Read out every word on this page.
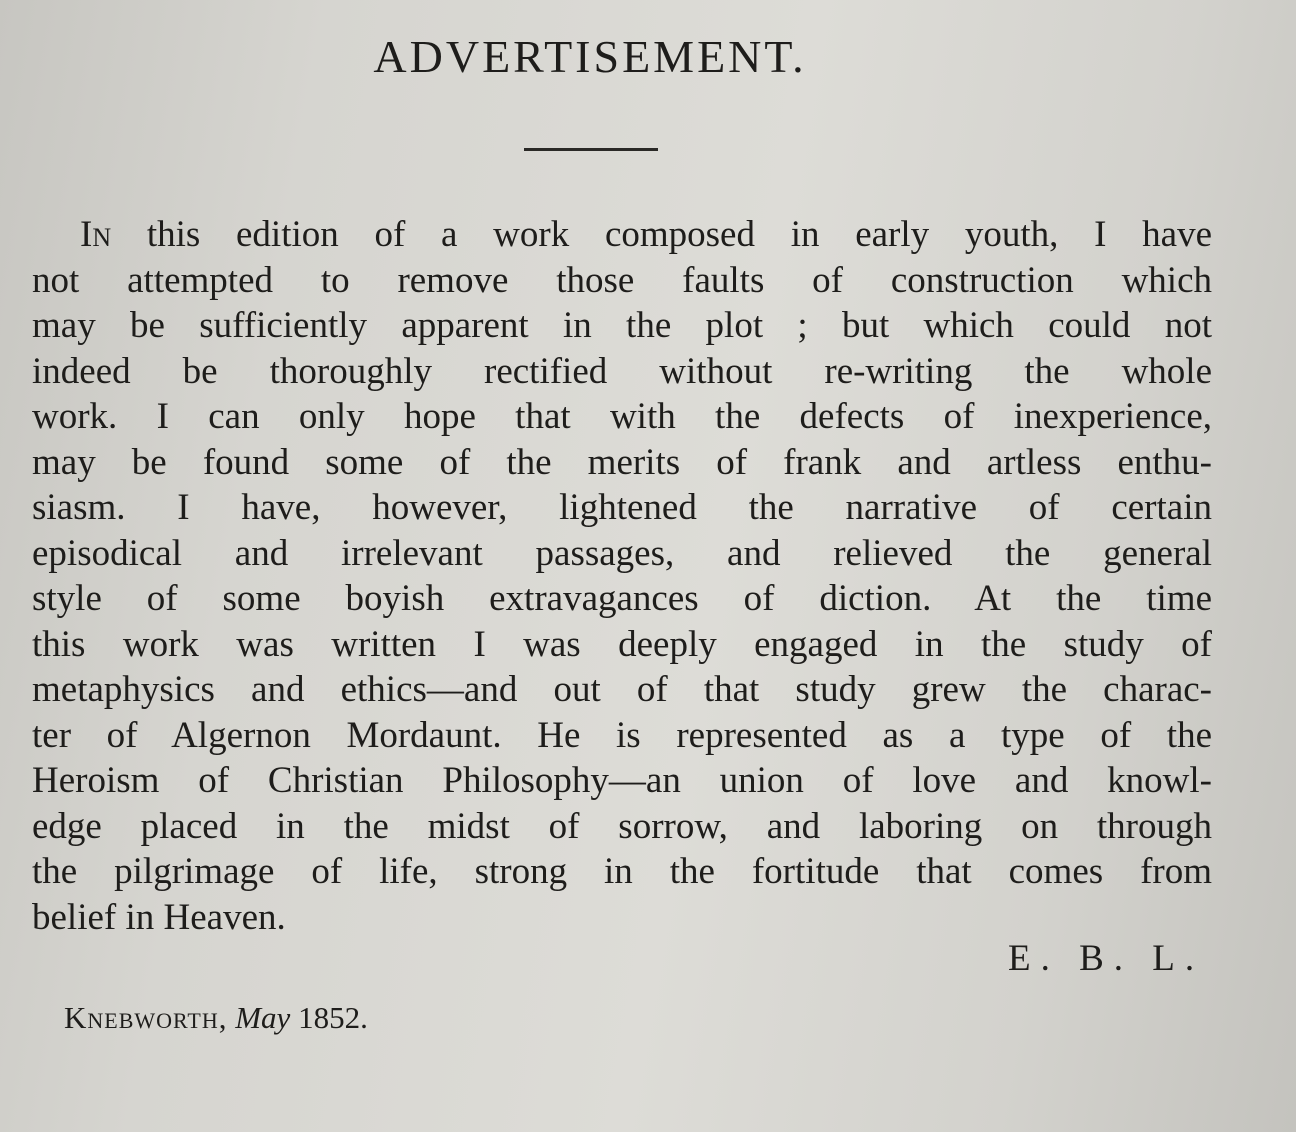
ADVERTISEMENT.
In this edition of a work composed in early youth, I have
not attempted to remove those faults of construction which
may be sufficiently apparent in the plot ; but which could not
indeed be thoroughly rectified without re-writing the whole
work. I can only hope that with the defects of inexperience,
may be found some of the merits of frank and artless enthu-
siasm. I have, however, lightened the narrative of certain
episodical and irrelevant passages, and relieved the general
style of some boyish extravagances of diction. At the time
this work was written I was deeply engaged in the study of
metaphysics and ethics—and out of that study grew the charac-
ter of Algernon Mordaunt. He is represented as a type of the
Heroism of Christian Philosophy—an union of love and knowl-
edge placed in the midst of sorrow, and laboring on through
the pilgrimage of life, strong in the fortitude that comes from
belief in Heaven.
E. B. L.
Knebworth, May 1852.
